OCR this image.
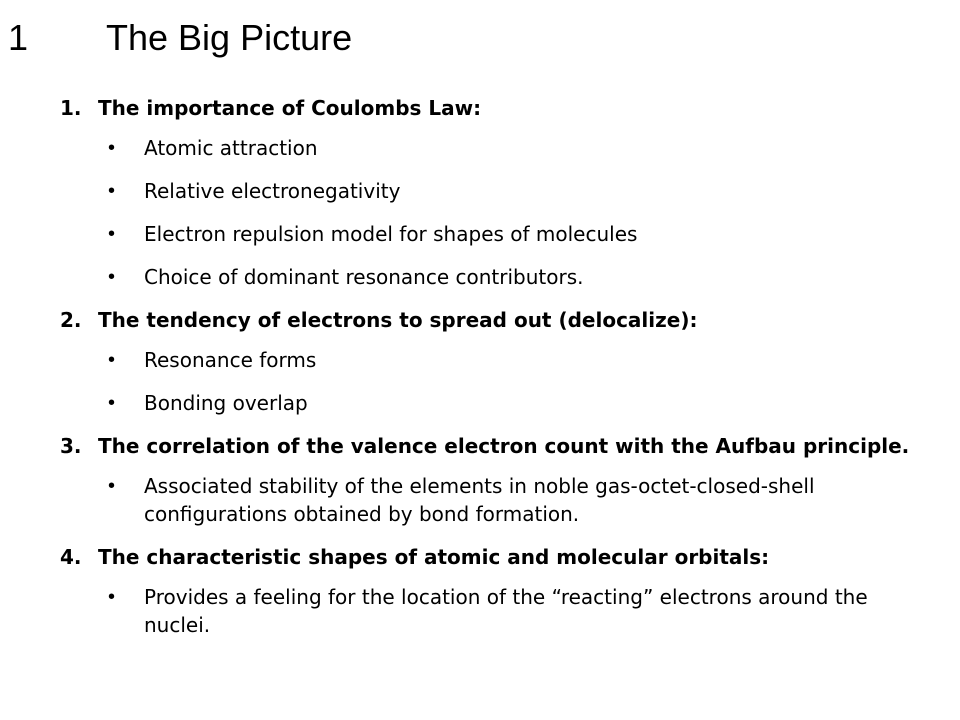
1 The Big Picture
1. The importance of Coulombs Law:
•	Atomic attraction
•	Relative electronegativity
•	Electron repulsion model for shapes of molecules
•	Choice of dominant resonance contributors.
2. The tendency of electrons to spread out (delocalize):
•	Resonance forms
•	Bonding overlap
3. The correlation of the valence electron count with the Aufbau principle.
•	Associated stability of the elements in noble gas-octet-closed-shell configurations obtained by bond formation.
4. The characteristic shapes of atomic and molecular orbitals:
•	Provides a feeling for the location of the “reacting” electrons around the nuclei.
